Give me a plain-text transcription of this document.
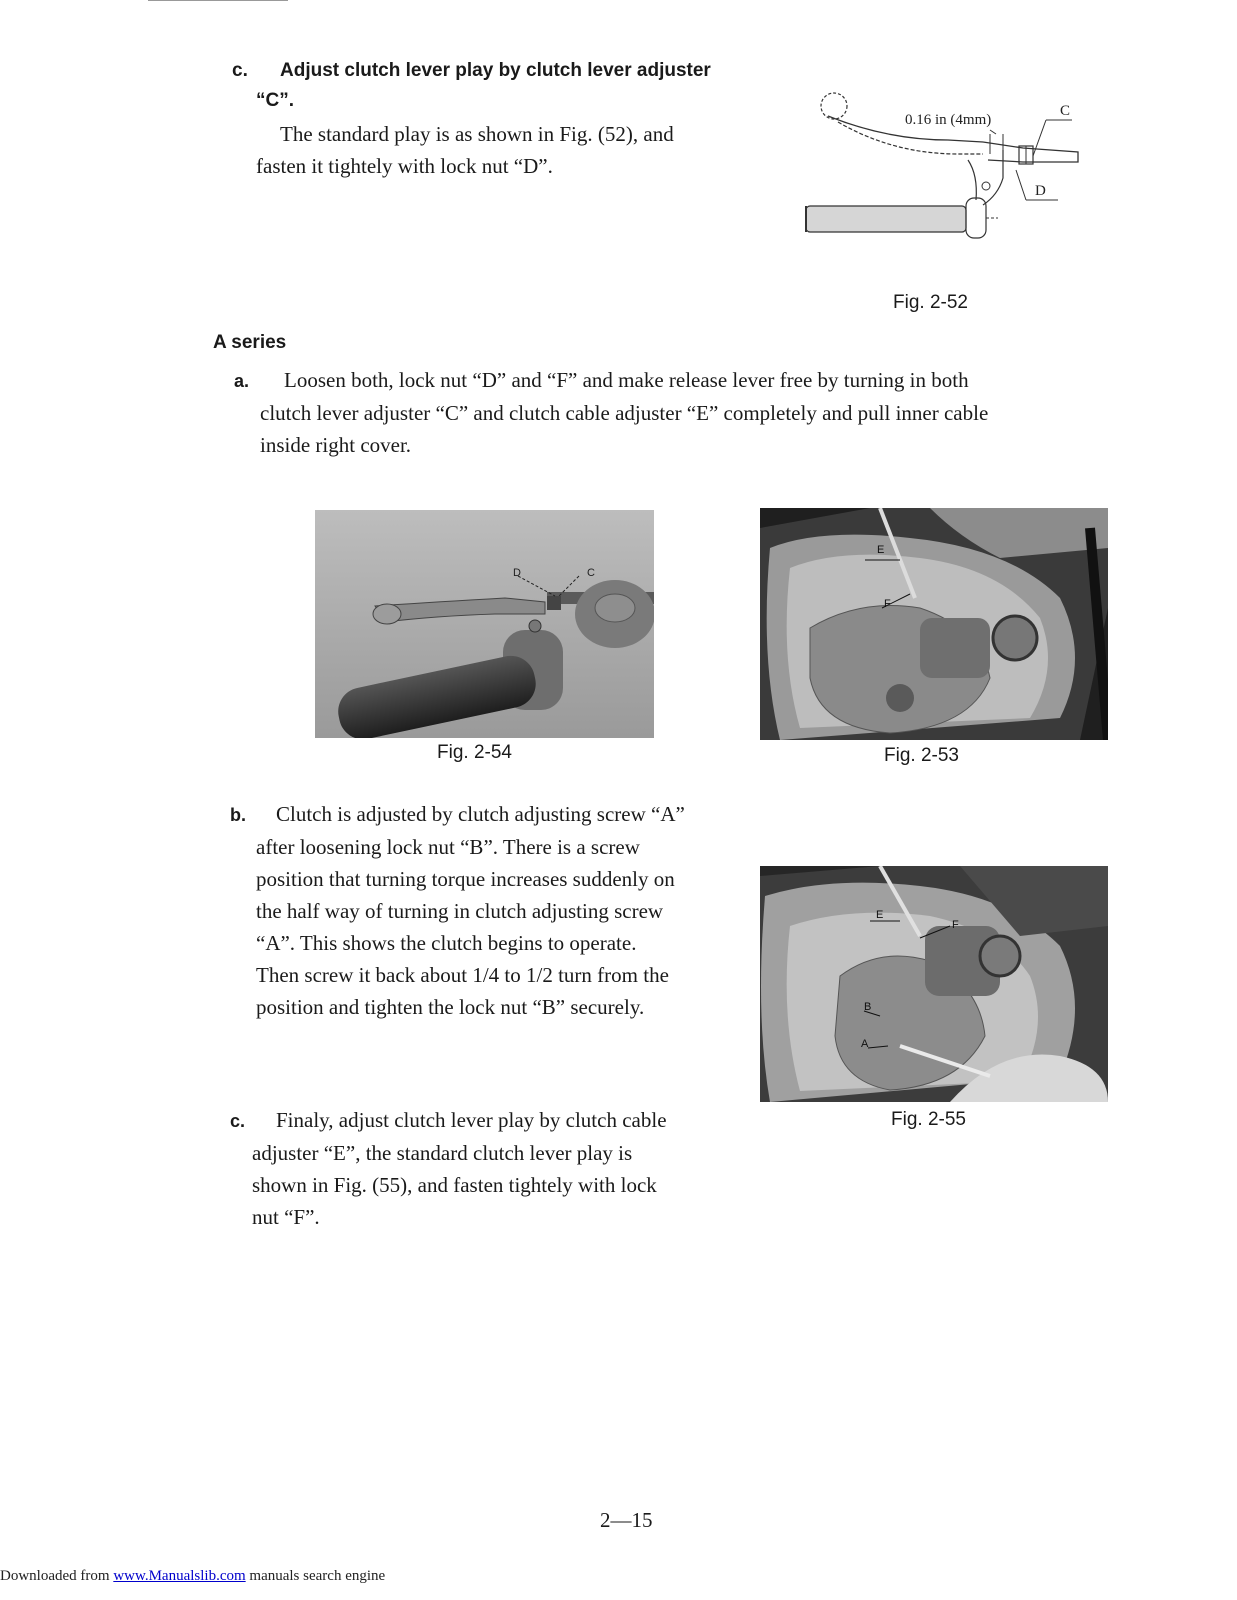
c. Adjust clutch lever play by clutch lever adjuster
“C”.
The standard play is as shown in Fig. (52), and
fasten it tightely with lock nut “D”.
0.16 in (4mm)
C
D
Fig. 2-52
A series
a. Loosen both, lock nut “D” and “F” and make release lever free by turning in both
clutch lever adjuster “C” and clutch cable adjuster “E” completely and pull inner cable
inside right cover.
D	C
Fig. 2-54
E
F
Fig. 2-53
b. Clutch is adjusted by clutch adjusting screw “A”
after loosening lock nut “B”. There is a screw
position that turning torque increases suddenly on
the half way of turning in clutch adjusting screw
“A”. This shows the clutch begins to operate.
Then screw it back about 1/4 to 1/2 turn from the
position and tighten the lock nut “B” securely.
E
F
B
A
Fig. 2-55
c. Finaly, adjust clutch lever play by clutch cable
adjuster “E”, the standard clutch lever play is
shown in Fig. (55), and fasten tightely with lock
nut “F”.
2—15
Downloaded from www.Manualslib.com manuals search engine
